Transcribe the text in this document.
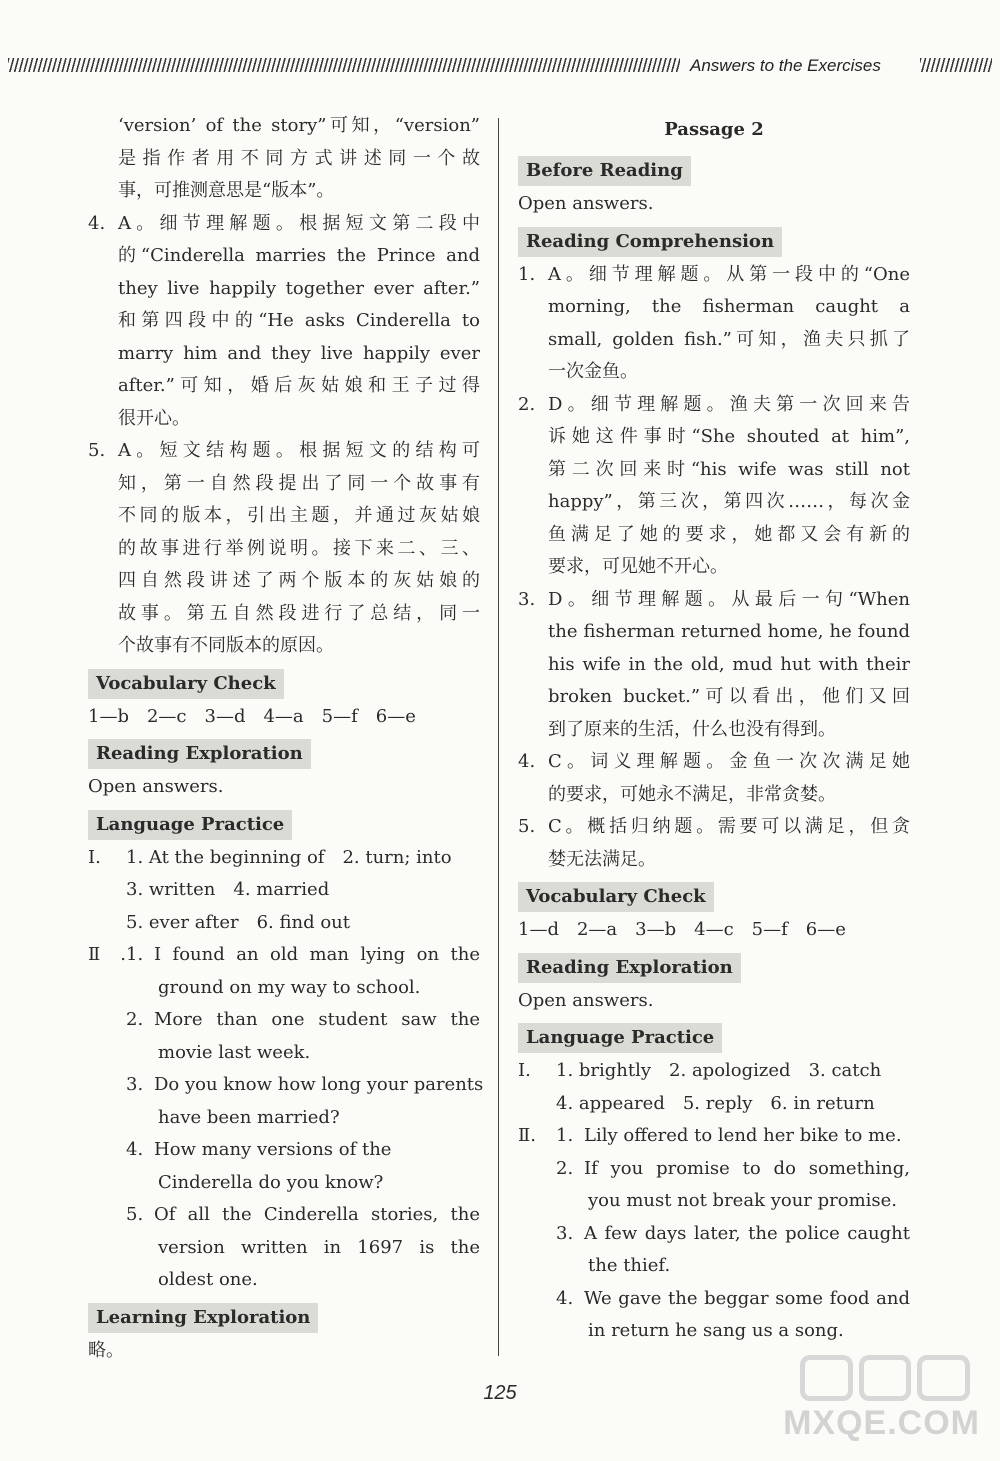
Answers to the Exercises
‘version’ of the story”可知，“version”
是指作者用不同方式讲述同一个故
事，可推测意思是“版本”。
4. A。细节理解题。根据短文第二段中
的“Cinderella marries the Prince and
they live happily together ever after.”
和第四段中的“He asks Cinderella to
marry him and they live happily ever
after.”可知，婚后灰姑娘和王子过得
很开心。
5. A。短文结构题。根据短文的结构可
知，第一自然段提出了同一个故事有
不同的版本，引出主题，并通过灰姑娘
的故事进行举例说明。接下来二、三、
四自然段讲述了两个版本的灰姑娘的
故事。第五自然段进行了总结，同一
个故事有不同版本的原因。
Vocabulary Check
1—b　2—c　3—d　4—a　5—f　6—e
Reading Exploration
Open answers.
Language Practice
Ⅰ. 1. At the beginning of　2. turn; into
3. written　4. married
5. ever after　6. find out
Ⅱ.1. I found an old man lying on the
ground on my way to school.
2. More than one student saw the
movie last week.
3. Do you know how long your parents
have been married?
4. How many versions of the
Cinderella do you know?
5. Of all the Cinderella stories, the
version written in 1697 is the
oldest one.
Learning Exploration
略。
Passage 2
Before Reading
Open answers.
Reading Comprehension
1. A。细节理解题。从第一段中的“One
morning, the fisherman caught a
small, golden fish.”可知，渔夫只抓了
一次金鱼。
2. D。细节理解题。渔夫第一次回来告
诉她这件事时“She shouted at him”,
第二次回来时“his wife was still not
happy”，第三次，第四次……，每次金
鱼满足了她的要求，她都又会有新的
要求，可见她不开心。
3. D。细节理解题。从最后一句“When
the fisherman returned home, he found
his wife in the old, mud hut with their
broken bucket.”可以看出，他们又回
到了原来的生活，什么也没有得到。
4. C。词义理解题。金鱼一次次满足她
的要求，可她永不满足，非常贪婪。
5. C。概括归纳题。需要可以满足，但贪
婪无法满足。
Vocabulary Check
1—d　2—a　3—b　4—c　5—f　6—e
Reading Exploration
Open answers.
Language Practice
Ⅰ. 1. brightly　2. apologized　3. catch
4. appeared　5. reply　6. in return
Ⅱ. 1. Lily offered to lend her bike to me.
2. If you promise to do something,
you must not break your promise.
3. A few days later, the police caught
the thief.
4. We gave the beggar some food and
in return he sang us a song.
125
MXQE.COM
